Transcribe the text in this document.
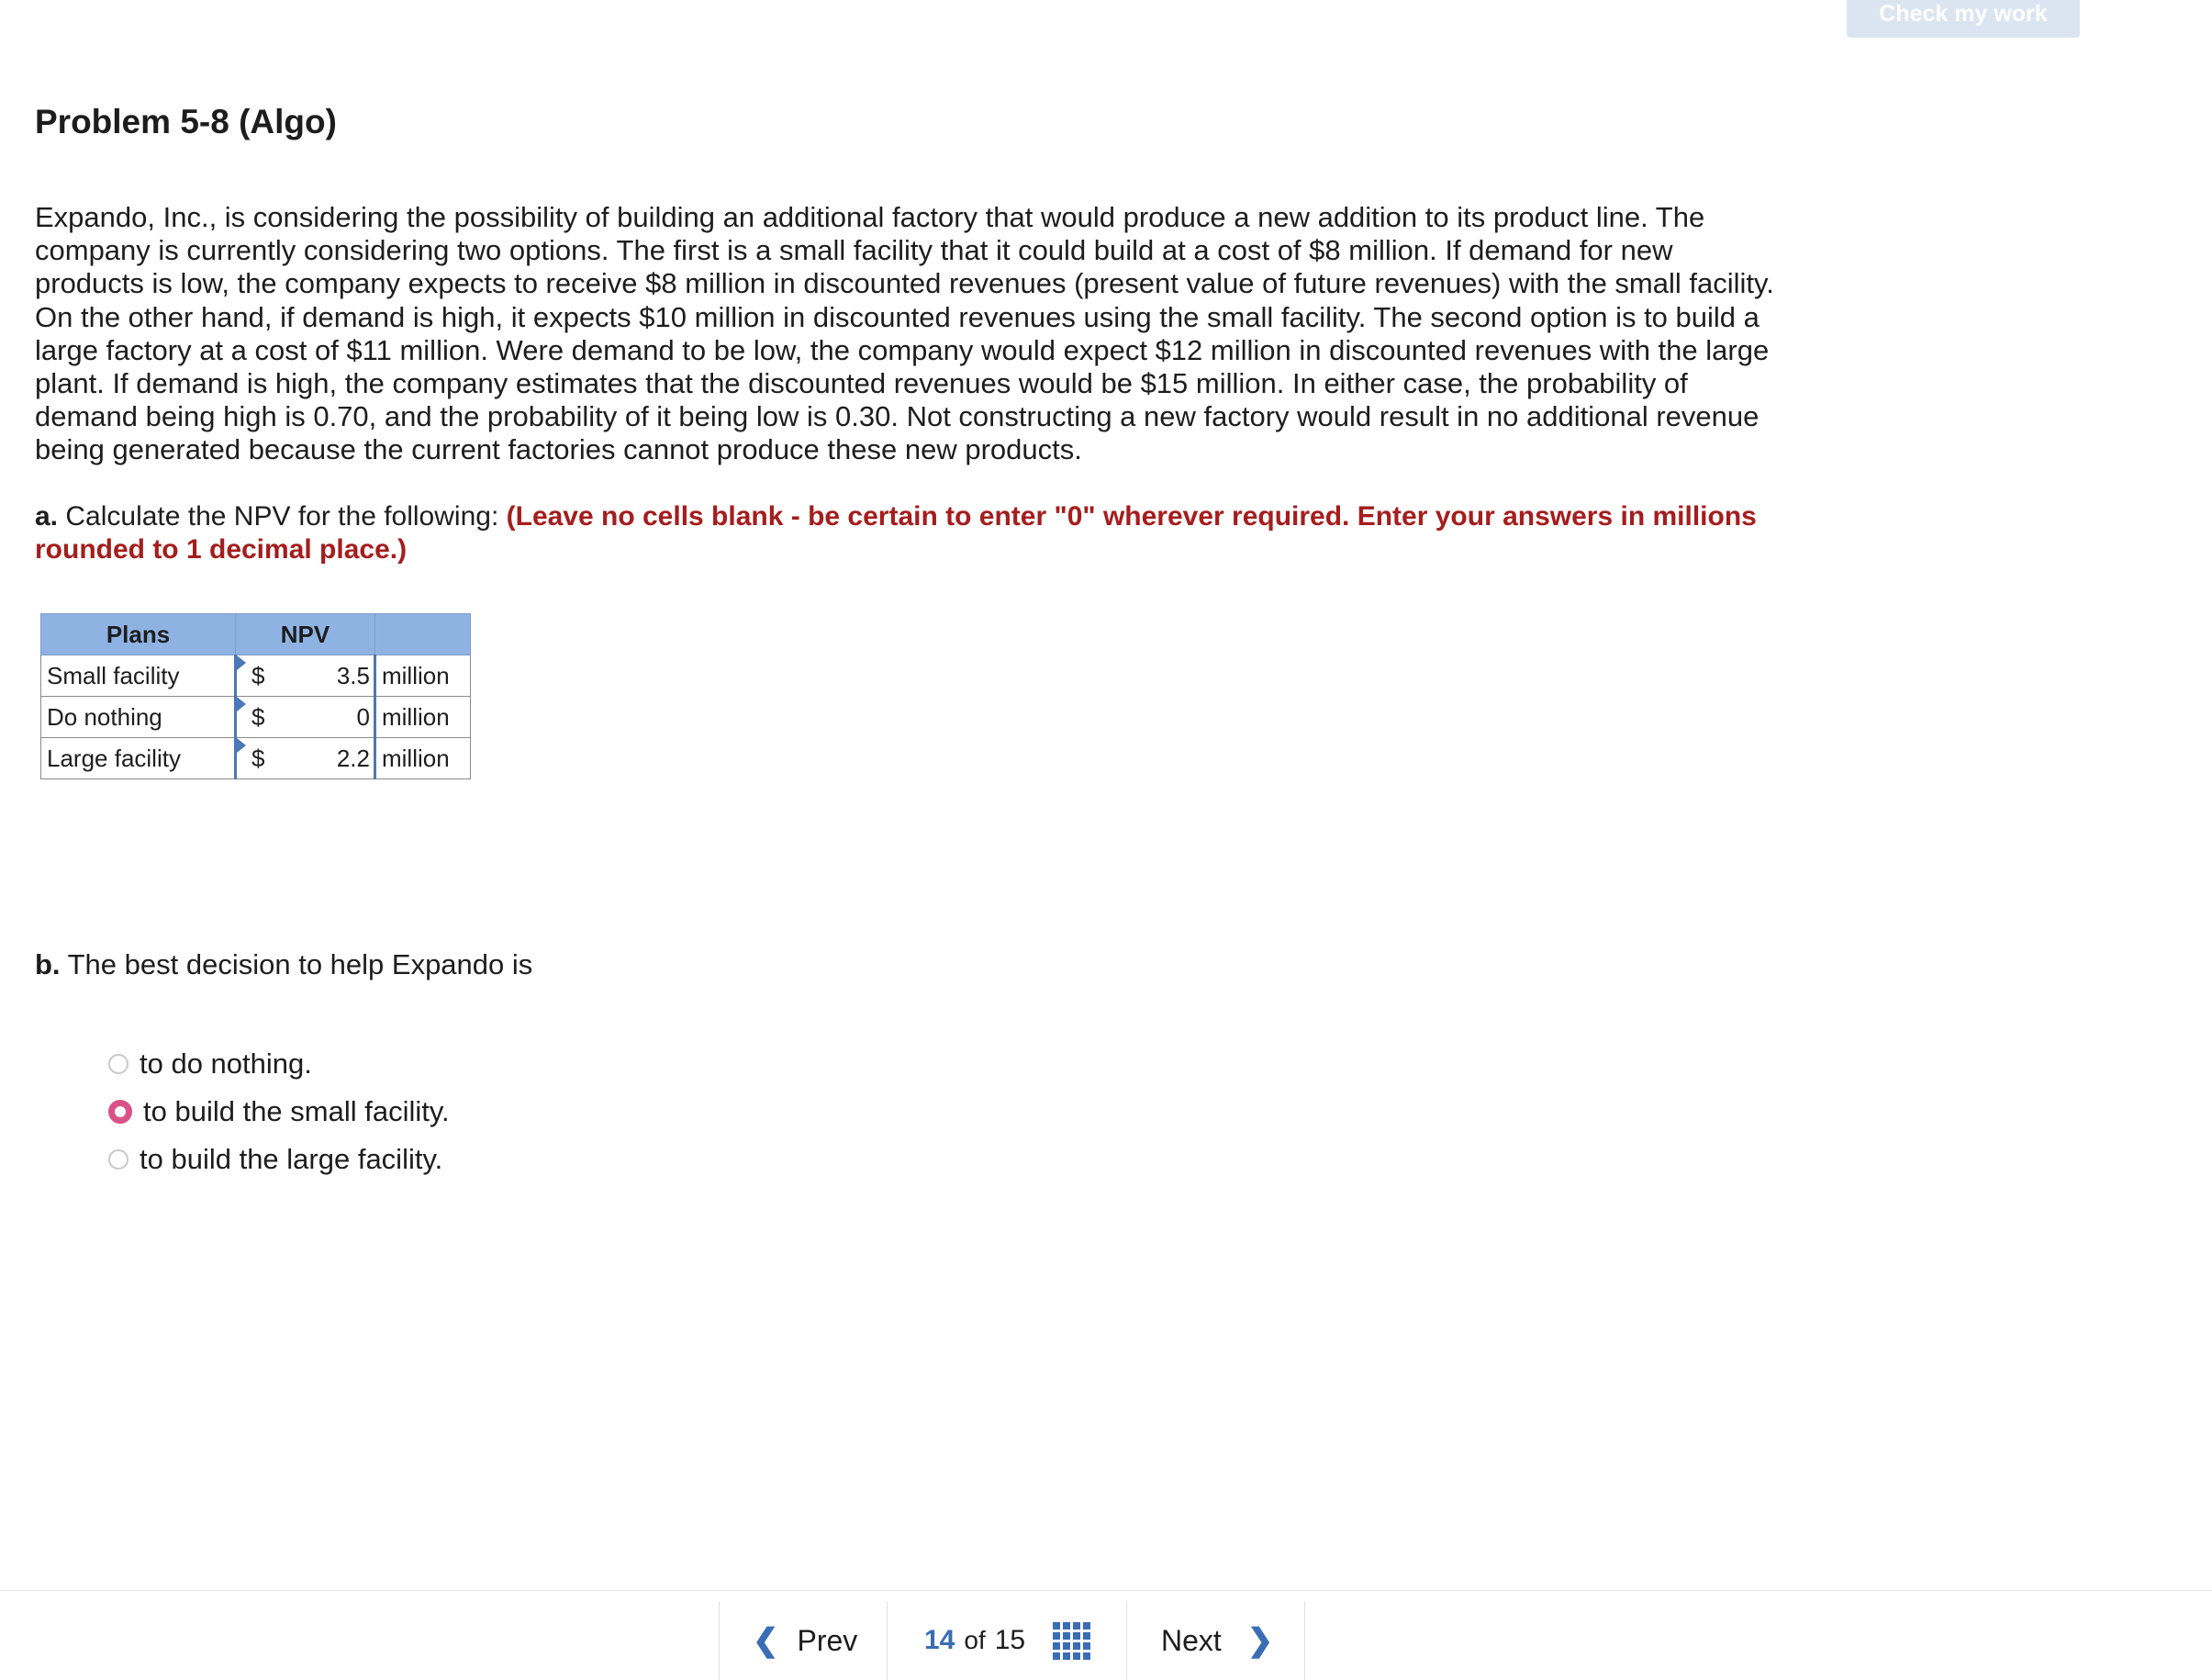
Check my work
Problem 5-8 (Algo)

Expando, Inc., is considering the possibility of building an additional factory that would produce a new addition to its product line. The company is currently considering two options. The first is a small facility that it could build at a cost of $8 million. If demand for new products is low, the company expects to receive $8 million in discounted revenues (present value of future revenues) with the small facility. On the other hand, if demand is high, it expects $10 million in discounted revenues using the small facility. The second option is to build a large factory at a cost of $11 million. Were demand to be low, the company would expect $12 million in discounted revenues with the large plant. If demand is high, the company estimates that the discounted revenues would be $15 million. In either case, the probability of demand being high is 0.70, and the probability of it being low is 0.30. Not constructing a new factory would result in no additional revenue being generated because the current factories cannot produce these new products.

a. Calculate the NPV for the following: (Leave no cells blank - be certain to enter "0" wherever required. Enter your answers in millions rounded to 1 decimal place.)

Plans	NPV		
Small facility	$	3.5	million
Do nothing	$	0	million
Large facility	$	2.2	million

b. The best decision to help Expando is

to do nothing.
to build the small facility.
to build the large facility.
❮ Prev 14 of 15	Next ❯
